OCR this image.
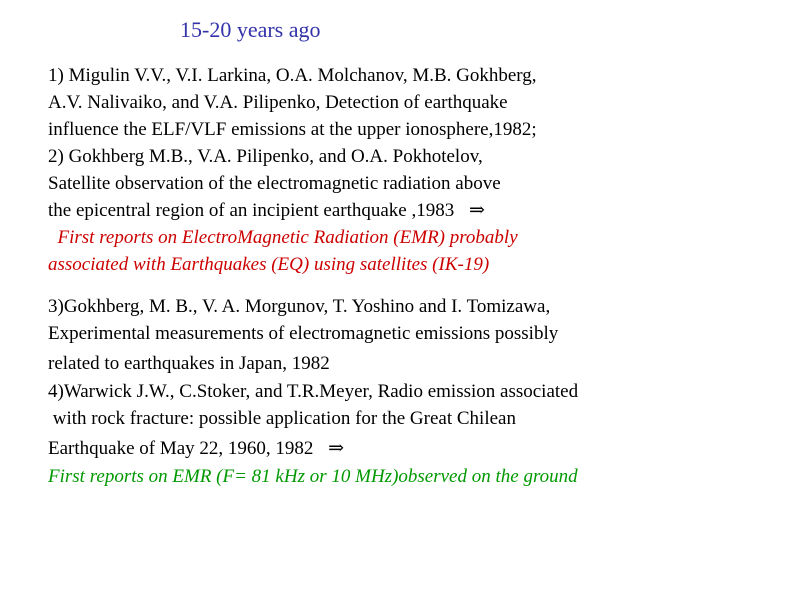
15-20 years ago
1) Migulin V.V., V.I. Larkina, O.A. Molchanov, M.B. Gokhberg,
A.V. Nalivaiko, and V.A. Pilipenko, Detection of earthquake
influence the ELF/VLF emissions at the upper ionosphere,1982;
2) Gokhberg M.B., V.A. Pilipenko, and O.A. Pokhotelov,
Satellite observation of the electromagnetic radiation above
the epicentral region of an incipient earthquake ,1983 ⇒
First reports on ElectroMagnetic Radiation (EMR) probably
associated with Earthquakes (EQ) using satellites (IK-19)
3)Gokhberg, M. B., V. A. Morgunov, T. Yoshino and I. Tomizawa,
Experimental measurements of electromagnetic emissions possibly
related to earthquakes in Japan, 1982
4)Warwick J.W., C.Stoker, and T.R.Meyer, Radio emission associated
with rock fracture: possible application for the Great Chilean
Earthquake of May 22, 1960, 1982 ⇒
First reports on EMR (F= 81 kHz or 10 MHz)observed on the ground
